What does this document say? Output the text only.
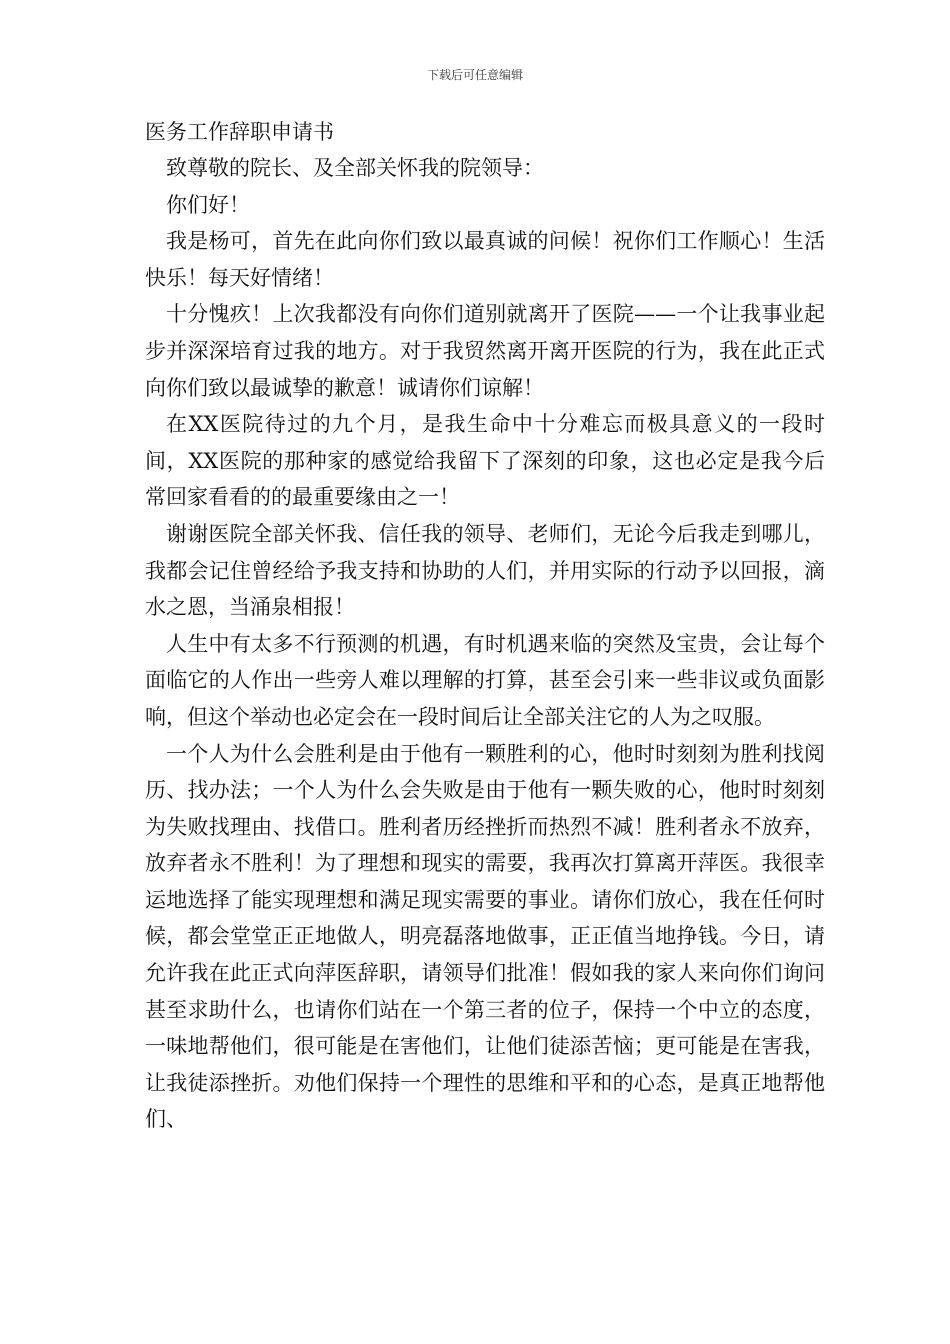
下载后可任意编辑

医务工作辞职申请书

致尊敬的院长、及全部关怀我的院领导：

你们好！

我是杨可，首先在此向你们致以最真诚的问候！祝你们工作顺心！生活快乐！每天好情绪！

十分愧疚！上次我都没有向你们道别就离开了医院——一个让我事业起步并深深培育过我的地方。对于我贸然离开离开医院的行为，我在此正式向你们致以最诚挚的歉意！诚请你们谅解！

在XX医院待过的九个月，是我生命中十分难忘而极具意义的一段时间，XX医院的那种家的感觉给我留下了深刻的印象，这也必定是我今后常回家看看的的最重要缘由之一！

谢谢医院全部关怀我、信任我的领导、老师们，无论今后我走到哪儿，我都会记住曾经给予我支持和协助的人们，并用实际的行动予以回报，滴水之恩，当涌泉相报！

人生中有太多不行预测的机遇，有时机遇来临的突然及宝贵，会让每个面临它的人作出一些旁人难以理解的打算，甚至会引来一些非议或负面影响，但这个举动也必定会在一段时间后让全部关注它的人为之叹服。

一个人为什么会胜利是由于他有一颗胜利的心，他时时刻刻为胜利找阅历、找办法；一个人为什么会失败是由于他有一颗失败的心，他时时刻刻为失败找理由、找借口。胜利者历经挫折而热烈不减！胜利者永不放弃，放弃者永不胜利！为了理想和现实的需要，我再次打算离开萍医。我很幸运地选择了能实现理想和满足现实需要的事业。请你们放心，我在任何时候，都会堂堂正正地做人，明亮磊落地做事，正正值当地挣钱。今日，请允许我在此正式向萍医辞职，请领导们批准！假如我的家人来向你们询问甚至求助什么，也请你们站在一个第三者的位子，保持一个中立的态度，一味地帮他们，很可能是在害他们，让他们徒添苦恼；更可能是在害我，让我徒添挫折。劝他们保持一个理性的思维和平和的心态，是真正地帮他们、
